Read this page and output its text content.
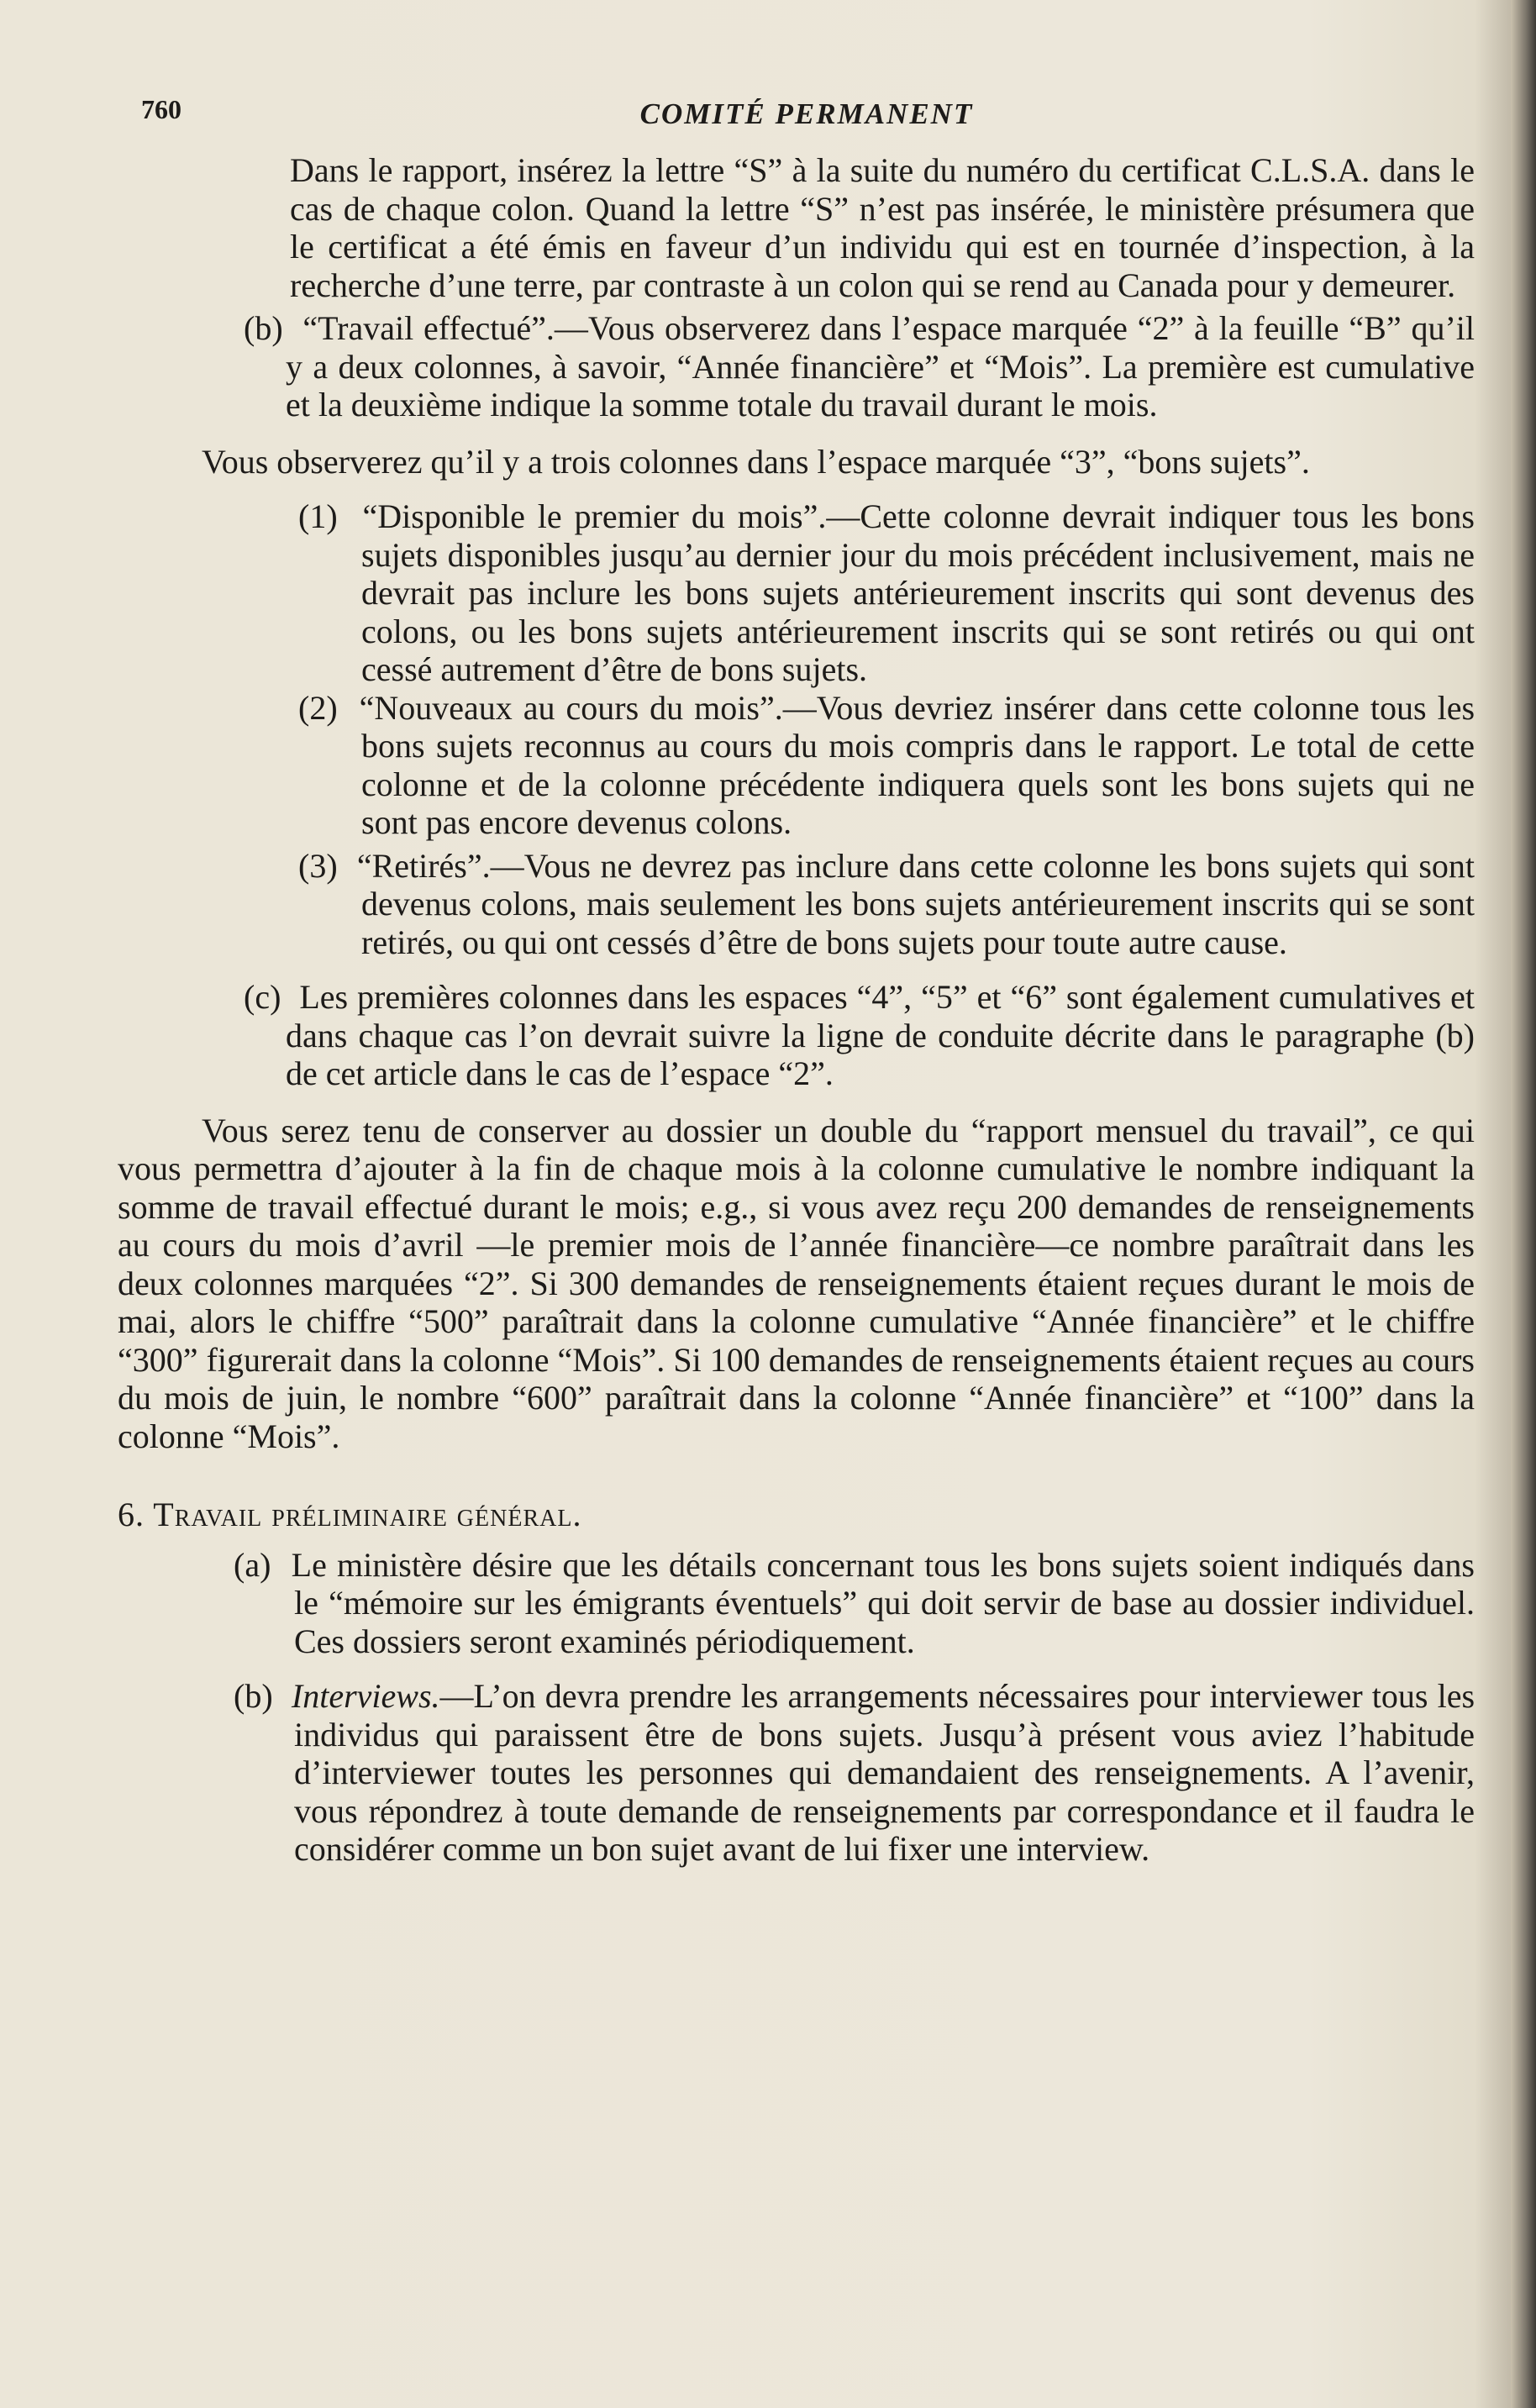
760	COMITÉ PERMANENT

Dans le rapport, insérez la lettre “S” à la suite du numéro du certificat C.L.S.A. dans le cas de chaque colon. Quand la lettre “S” n’est pas insérée, le ministère présumera que le certificat a été émis en faveur d’un individu qui est en tournée d’inspection, à la recherche d’une terre, par contraste à un colon qui se rend au Canada pour y demeurer.

(b) “Travail effectué”.—Vous observerez dans l’espace marquée “2” à la feuille “B” qu’il y a deux colonnes, à savoir, “Année financière” et “Mois”. La première est cumulative et la deuxième indique la somme totale du travail durant le mois.

Vous observerez qu’il y a trois colonnes dans l’espace marquée “3”, “bons sujets”.

(1) “Disponible le premier du mois”.—Cette colonne devrait indiquer tous les bons sujets disponibles jusqu’au dernier jour du mois précédent inclusivement, mais ne devrait pas inclure les bons sujets antérieurement inscrits qui sont devenus des colons, ou les bons sujets antérieurement inscrits qui se sont retirés ou qui ont cessé autrement d’être de bons sujets.

(2) “Nouveaux au cours du mois”.—Vous devriez insérer dans cette colonne tous les bons sujets reconnus au cours du mois compris dans le rapport. Le total de cette colonne et de la colonne précédente indiquera quels sont les bons sujets qui ne sont pas encore devenus colons.

(3) “Retirés”.—Vous ne devrez pas inclure dans cette colonne les bons sujets qui sont devenus colons, mais seulement les bons sujets antérieurement inscrits qui se sont retirés, ou qui ont cessés d’être de bons sujets pour toute autre cause.

(c) Les premières colonnes dans les espaces “4”, “5” et “6” sont également cumulatives et dans chaque cas l’on devrait suivre la ligne de conduite décrite dans le paragraphe (b) de cet article dans le cas de l’espace “2”.

Vous serez tenu de conserver au dossier un double du “rapport mensuel du travail”, ce qui vous permettra d’ajouter à la fin de chaque mois à la colonne cumulative le nombre indiquant la somme de travail effectué durant le mois; e.g., si vous avez reçu 200 demandes de renseignements au cours du mois d’avril —le premier mois de l’année financière—ce nombre paraîtrait dans les deux colonnes marquées “2”. Si 300 demandes de renseignements étaient reçues durant le mois de mai, alors le chiffre “500” paraîtrait dans la colonne cumulative “Année financière” et le chiffre “300” figurerait dans la colonne “Mois”. Si 100 demandes de renseignements étaient reçues au cours du mois de juin, le nombre “600” paraîtrait dans la colonne “Année financière” et “100” dans la colonne “Mois”.

6. Travail préliminaire général.

(a) Le ministère désire que les détails concernant tous les bons sujets soient indiqués dans le “mémoire sur les émigrants éventuels” qui doit servir de base au dossier individuel. Ces dossiers seront examinés périodiquement.

(b) Interviews.—L’on devra prendre les arrangements nécessaires pour interviewer tous les individus qui paraissent être de bons sujets. Jusqu’à présent vous aviez l’habitude d’interviewer toutes les personnes qui demandaient des renseignements. A l’avenir, vous répondrez à toute demande de renseignements par correspondance et il faudra le considérer comme un bon sujet avant de lui fixer une interview.
